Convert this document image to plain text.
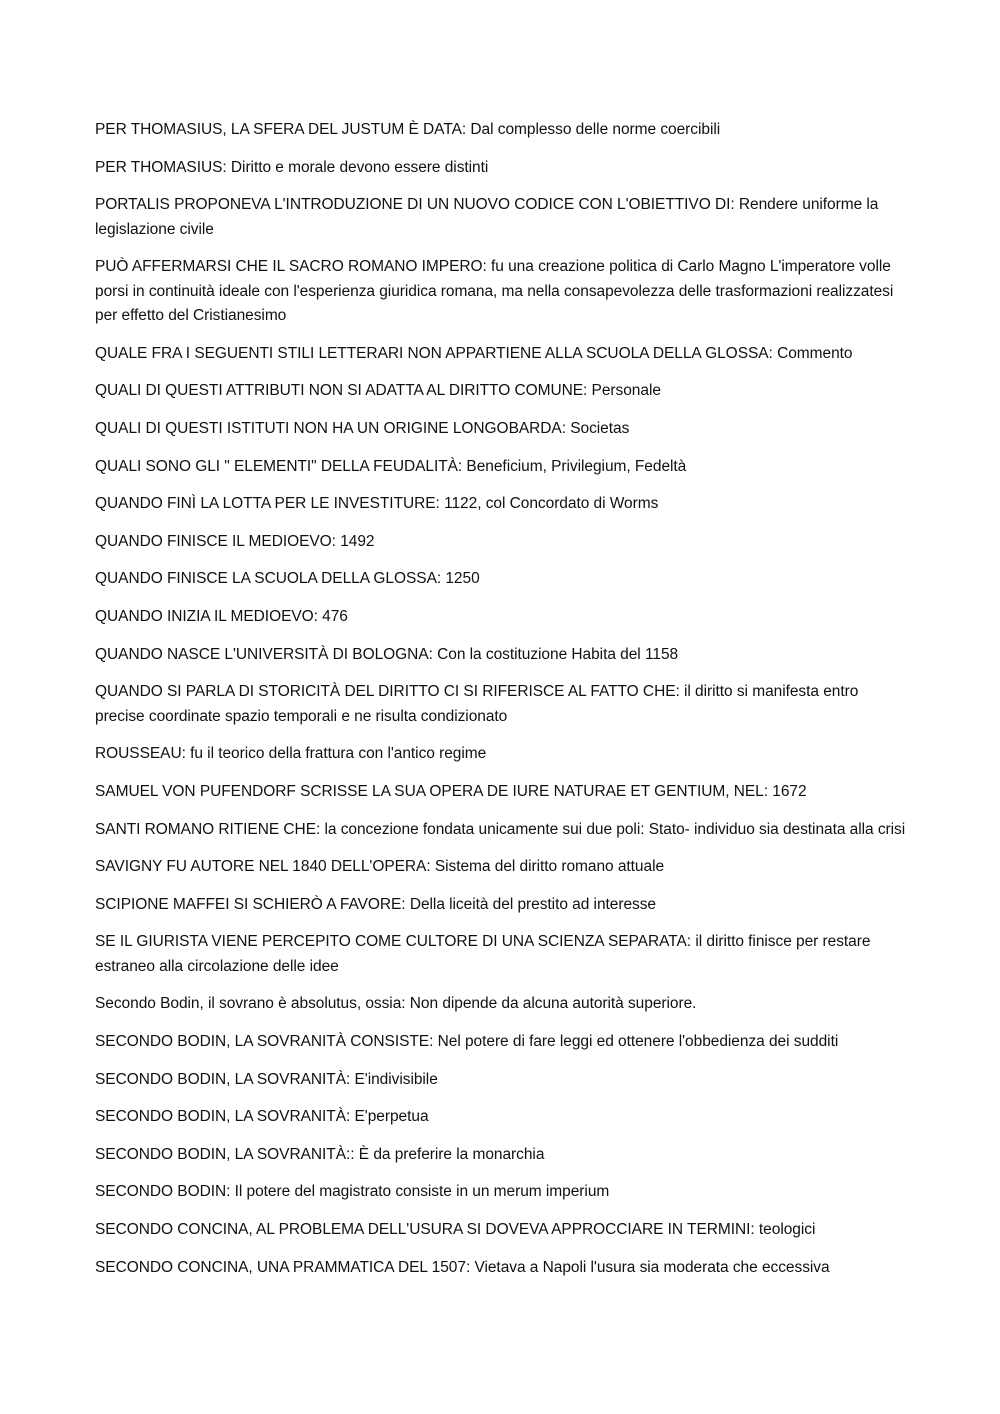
PER THOMASIUS, LA SFERA DEL JUSTUM È DATA: Dal complesso delle norme coercibili

PER THOMASIUS: Diritto e morale devono essere distinti

PORTALIS PROPONEVA L'INTRODUZIONE DI UN NUOVO CODICE CON L'OBIETTIVO DI: Rendere uniforme la legislazione civile

PUÒ AFFERMARSI CHE IL SACRO ROMANO IMPERO: fu una creazione politica di Carlo Magno L'imperatore volle porsi in continuità ideale con l'esperienza giuridica romana, ma nella consapevolezza delle trasformazioni realizzatesi per effetto del Cristianesimo

QUALE FRA I SEGUENTI STILI LETTERARI NON APPARTIENE ALLA SCUOLA DELLA GLOSSA: Commento

QUALI DI QUESTI ATTRIBUTI NON SI ADATTA AL DIRITTO COMUNE: Personale

QUALI DI QUESTI ISTITUTI NON HA UN ORIGINE LONGOBARDA: Societas

QUALI SONO GLI " ELEMENTI" DELLA FEUDALITÀ: Beneficium, Privilegium, Fedeltà

QUANDO FINÌ LA LOTTA PER LE INVESTITURE: 1122, col Concordato di Worms

QUANDO FINISCE IL MEDIOEVO: 1492

QUANDO FINISCE LA SCUOLA DELLA GLOSSA: 1250

QUANDO INIZIA IL MEDIOEVO: 476

QUANDO NASCE L'UNIVERSITÀ DI BOLOGNA: Con la costituzione Habita del 1158

QUANDO SI PARLA DI STORICITÀ DEL DIRITTO CI SI RIFERISCE AL FATTO CHE: il diritto si manifesta entro precise coordinate spazio temporali e ne risulta condizionato

ROUSSEAU: fu il teorico della frattura con l'antico regime

SAMUEL VON PUFENDORF SCRISSE LA SUA OPERA DE IURE NATURAE ET GENTIUM, NEL: 1672

SANTI ROMANO RITIENE CHE: la concezione fondata unicamente sui due poli: Stato- individuo sia destinata alla crisi

SAVIGNY FU AUTORE NEL 1840 DELL'OPERA: Sistema del diritto romano attuale

SCIPIONE MAFFEI SI SCHIERÒ A FAVORE: Della liceità del prestito ad interesse

SE IL GIURISTA VIENE PERCEPITO COME CULTORE DI UNA SCIENZA SEPARATA: il diritto finisce per restare estraneo alla circolazione delle idee

Secondo Bodin, il sovrano è absolutus, ossia: Non dipende da alcuna autorità superiore.

SECONDO BODIN, LA SOVRANITÀ CONSISTE: Nel potere di fare leggi ed ottenere l'obbedienza dei sudditi

SECONDO BODIN, LA SOVRANITÀ: E'indivisibile

SECONDO BODIN, LA SOVRANITÀ: E'perpetua

SECONDO BODIN, LA SOVRANITÀ:: È da preferire la monarchia

SECONDO BODIN: Il potere del magistrato consiste in un merum imperium

SECONDO CONCINA, AL PROBLEMA DELL'USURA SI DOVEVA APPROCCIARE IN TERMINI: teologici

SECONDO CONCINA, UNA PRAMMATICA DEL 1507: Vietava a Napoli l'usura sia moderata che eccessiva
